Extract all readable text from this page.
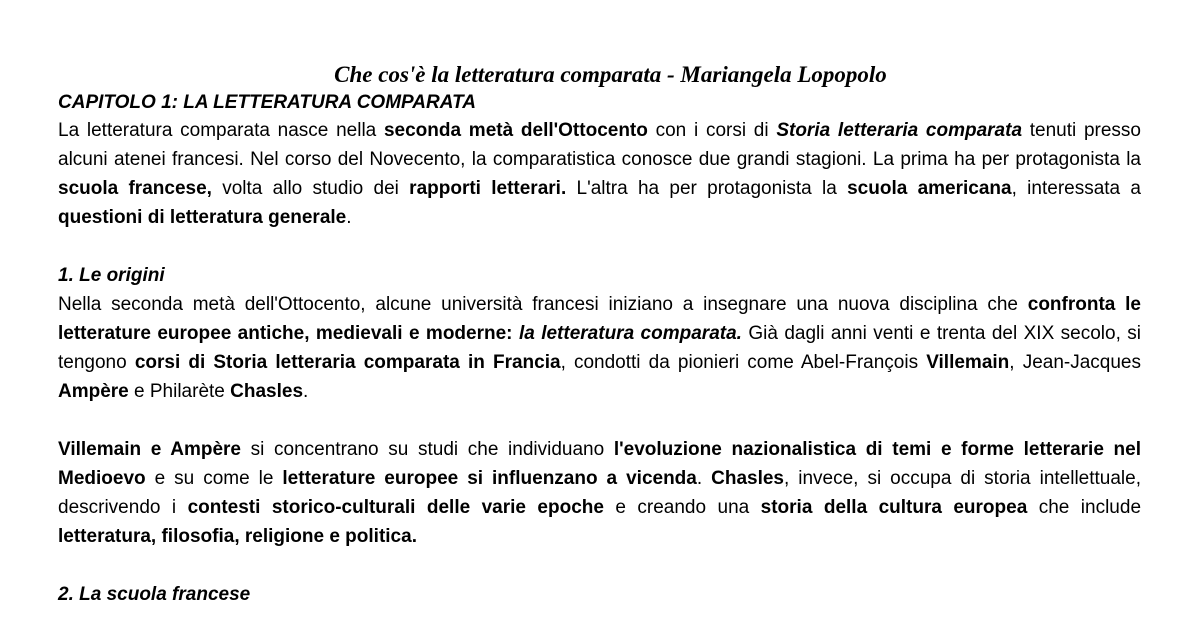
Che cos'è la letteratura comparata - Mariangela Lopopolo
CAPITOLO 1: LA LETTERATURA COMPARATA

La letteratura comparata nasce nella seconda metà dell'Ottocento con i corsi di Storia letteraria comparata tenuti presso alcuni atenei francesi. Nel corso del Novecento, la comparatistica conosce due grandi stagioni. La prima ha per protagonista la scuola francese, volta allo studio dei rapporti letterari. L'altra ha per protagonista la scuola americana, interessata a questioni di letteratura generale.

1. Le origini

Nella seconda metà dell'Ottocento, alcune università francesi iniziano a insegnare una nuova disciplina che confronta le letterature europee antiche, medievali e moderne: la letteratura comparata. Già dagli anni venti e trenta del XIX secolo, si tengono corsi di Storia letteraria comparata in Francia, condotti da pionieri come Abel-François Villemain, Jean-Jacques Ampère e Philarète Chasles.

Villemain e Ampère si concentrano su studi che individuano l'evoluzione nazionalistica di temi e forme letterarie nel Medioevo e su come le letterature europee si influenzano a vicenda. Chasles, invece, si occupa di storia intellettuale, descrivendo i contesti storico-culturali delle varie epoche e creando una storia della cultura europea che include letteratura, filosofia, religione e politica.

2. La scuola francese
